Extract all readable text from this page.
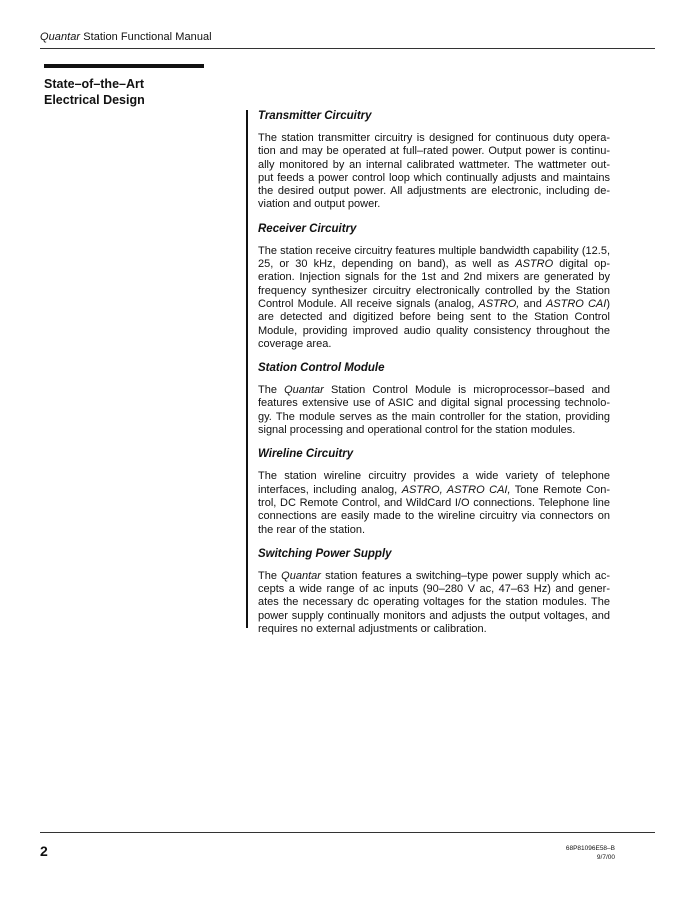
Quantar Station Functional Manual
State–of–the–Art
Electrical Design
Transmitter Circuitry
The station transmitter circuitry is designed for continuous duty opera- tion and may be operated at full–rated power. Output power is continu- ally monitored by an internal calibrated wattmeter. The wattmeter out- put feeds a power control loop which continually adjusts and maintains the desired output power. All adjustments are electronic, including de- viation and output power.
Receiver Circuitry
The station receive circuitry features multiple bandwidth capability (12.5, 25, or 30 kHz, depending on band), as well as ASTRO digital op- eration. Injection signals for the 1st and 2nd mixers are generated by frequency synthesizer circuitry electronically controlled by the Station Control Module. All receive signals (analog, ASTRO, and ASTRO CAI) are detected and digitized before being sent to the Station Control Module, providing improved audio quality consistency throughout the coverage area.
Station Control Module
The Quantar Station Control Module is microprocessor–based and features extensive use of ASIC and digital signal processing technolo- gy. The module serves as the main controller for the station, providing signal processing and operational control for the station modules.
Wireline Circuitry
The station wireline circuitry provides a wide variety of telephone interfaces, including analog, ASTRO, ASTRO CAI, Tone Remote Con- trol, DC Remote Control, and WildCard I/O connections. Telephone line connections are easily made to the wireline circuitry via connectors on the rear of the station.
Switching Power Supply
The Quantar station features a switching–type power supply which ac- cepts a wide range of ac inputs (90–280 V ac, 47–63 Hz) and gener- ates the necessary dc operating voltages for the station modules. The power supply continually monitors and adjusts the output voltages, and requires no external adjustments or calibration.
2	68P81096E58–B
9/7/00
